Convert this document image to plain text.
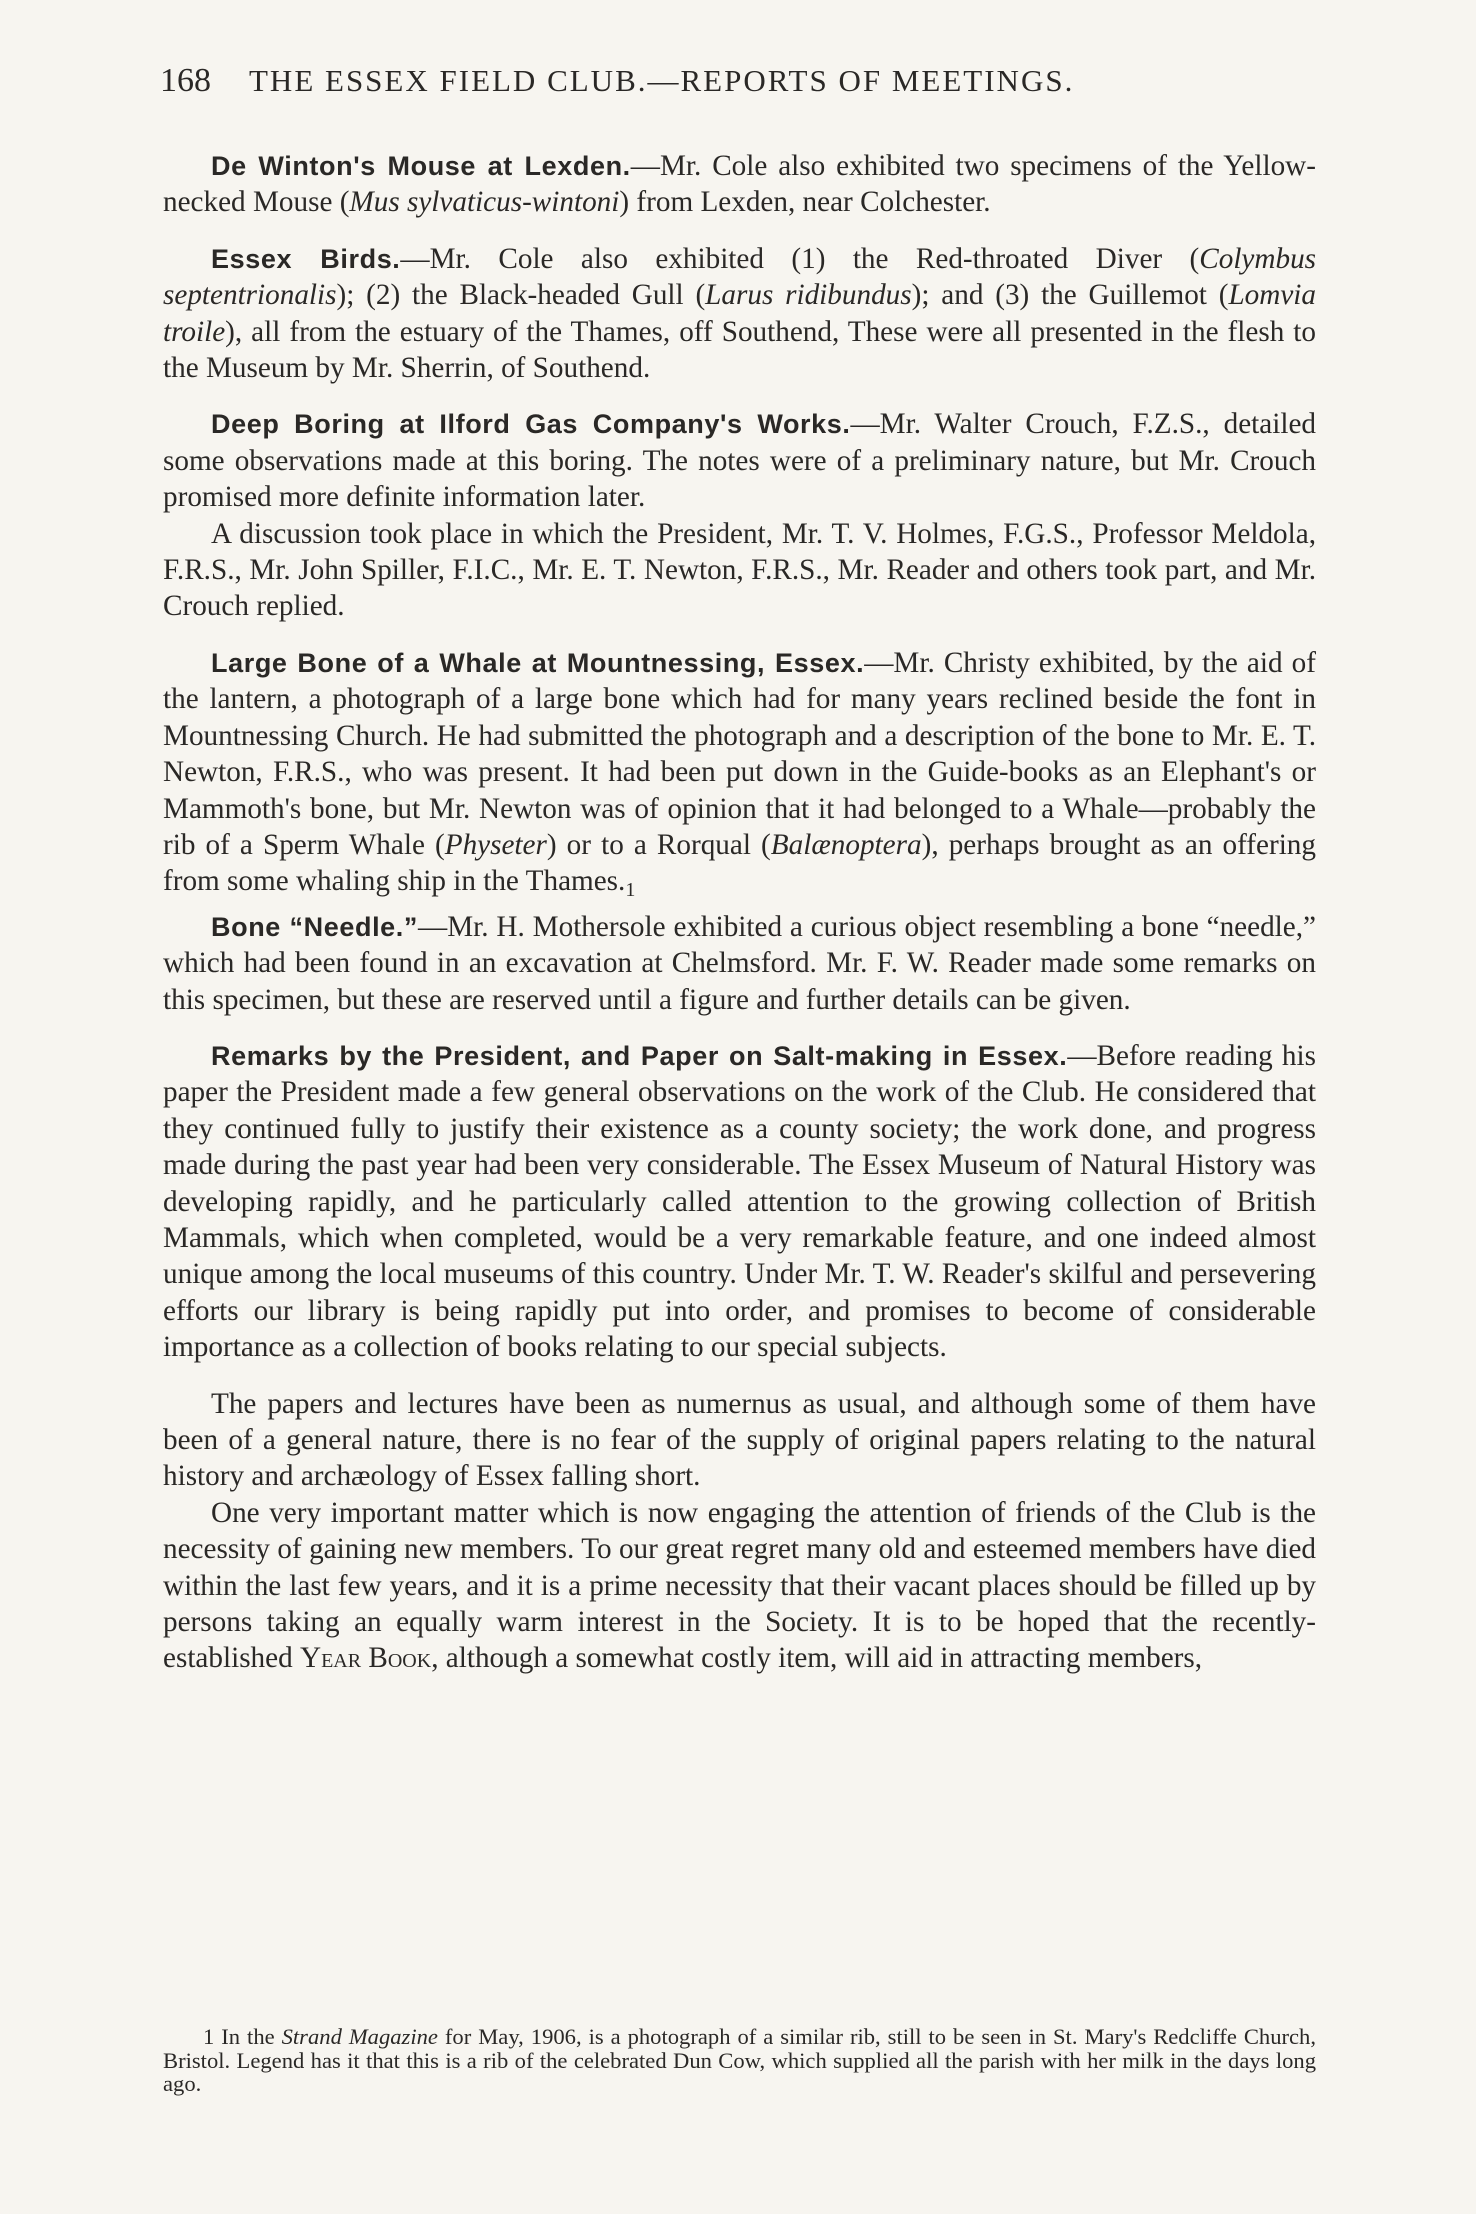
168 THE ESSEX FIELD CLUB.—REPORTS OF MEETINGS.

De Winton's Mouse at Lexden.—Mr. Cole also exhibited two specimens of the Yellow-necked Mouse (Mus sylvaticus-wintoni) from Lexden, near Colchester.

Essex Birds.—Mr. Cole also exhibited (1) the Red-throated Diver (Colymbus septentrionalis); (2) the Black-headed Gull (Larus ridibundus); and (3) the Guillemot (Lomvia troile), all from the estuary of the Thames, off Southend, These were all presented in the flesh to the Museum by Mr. Sherrin, of Southend.

Deep Boring at Ilford Gas Company's Works.—Mr. Walter Crouch, F.Z.S., detailed some observations made at this boring. The notes were of a preliminary nature, but Mr. Crouch promised more definite information later.

A discussion took place in which the President, Mr. T. V. Holmes, F.G.S., Professor Meldola, F.R.S., Mr. John Spiller, F.I.C., Mr. E. T. Newton, F.R.S., Mr. Reader and others took part, and Mr. Crouch replied.

Large Bone of a Whale at Mountnessing, Essex.—Mr. Christy exhibited, by the aid of the lantern, a photograph of a large bone which had for many years reclined beside the font in Mountnessing Church. He had submitted the photograph and a description of the bone to Mr. E. T. Newton, F.R.S., who was present. It had been put down in the Guide-books as an Elephant's or Mammoth's bone, but Mr. Newton was of opinion that it had belonged to a Whale—probably the rib of a Sperm Whale (Physeter) or to a Rorqual (Balænoptera), perhaps brought as an offering from some whaling ship in the $Thames._1$

Bone “Needle.”—Mr. H. Mothersole exhibited a curious object resembling a bone “needle,” which had been found in an excavation at Chelmsford. Mr. F. W. Reader made some remarks on this specimen, but these are reserved until a figure and further details can be given.

Remarks by the President, and Paper on Salt-making in Essex.—Before reading his paper the President made a few general observations on the work of the Club. He considered that they continued fully to justify their existence as a county society; the work done, and progress made during the past year had been very considerable. The Essex Museum of Natural History was developing rapidly, and he particularly called attention to the growing collection of British Mammals, which when completed, would be a very remarkable feature, and one indeed almost unique among the local museums of this country. Under Mr. T. W. Reader's skilful and persevering efforts our library is being rapidly put into order, and promises to become of considerable importance as a collection of books relating to our special subjects.

The papers and lectures have been as numernus as usual, and although some of them have been of a general nature, there is no fear of the supply of original papers relating to the natural history and archæology of Essex falling short.

One very important matter which is now engaging the attention of friends of the Club is the necessity of gaining new members. To our great regret many old and esteemed members have died within the last few years, and it is a prime necessity that their vacant places should be filled up by persons taking an equally warm interest in the Society. It is to be hoped that the recently-established Year Book, although a somewhat costly item, will aid in attracting members,

1 In the Strand Magazine for May, 1906, is a photograph of a similar rib, still to be seen in St. Mary's Redcliffe Church, Bristol. Legend has it that this is a rib of the celebrated Dun Cow, which supplied all the parish with her milk in the days long ago.
